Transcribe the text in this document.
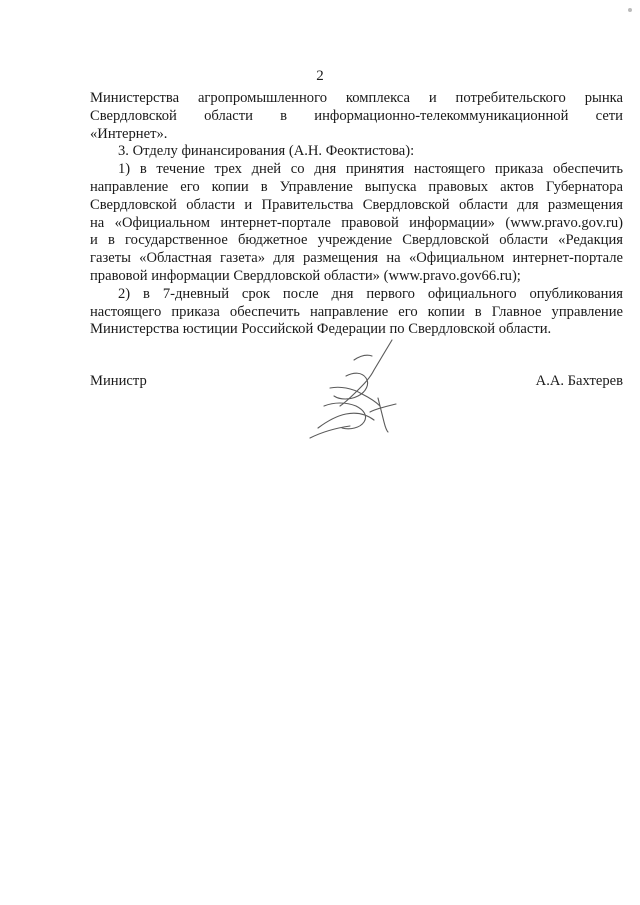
2
Министерства агропромышленного комплекса и потребительского рынка
Свердловской области в информационно-телекоммуникационной сети
«Интернет».
3. Отделу финансирования (А.Н. Феоктистова):
1) в течение трех дней со дня принятия настоящего приказа обеспечить
направление его копии в Управление выпуска правовых актов Губернатора
Свердловской области и Правительства Свердловской области для размещения
на «Официальном интернет-портале правовой информации» (www.pravo.gov.ru)
и в государственное бюджетное учреждение Свердловской области «Редакция
газеты «Областная газета» для размещения на «Официальном интернет-портале
правовой информации Свердловской области» (www.pravo.gov66.ru);
2) в 7-дневный срок после дня первого официального опубликования
настоящего приказа обеспечить направление его копии в Главное управление
Министерства юстиции Российской Федерации по Свердловской области.
Министр	А.А. Бахтерев
